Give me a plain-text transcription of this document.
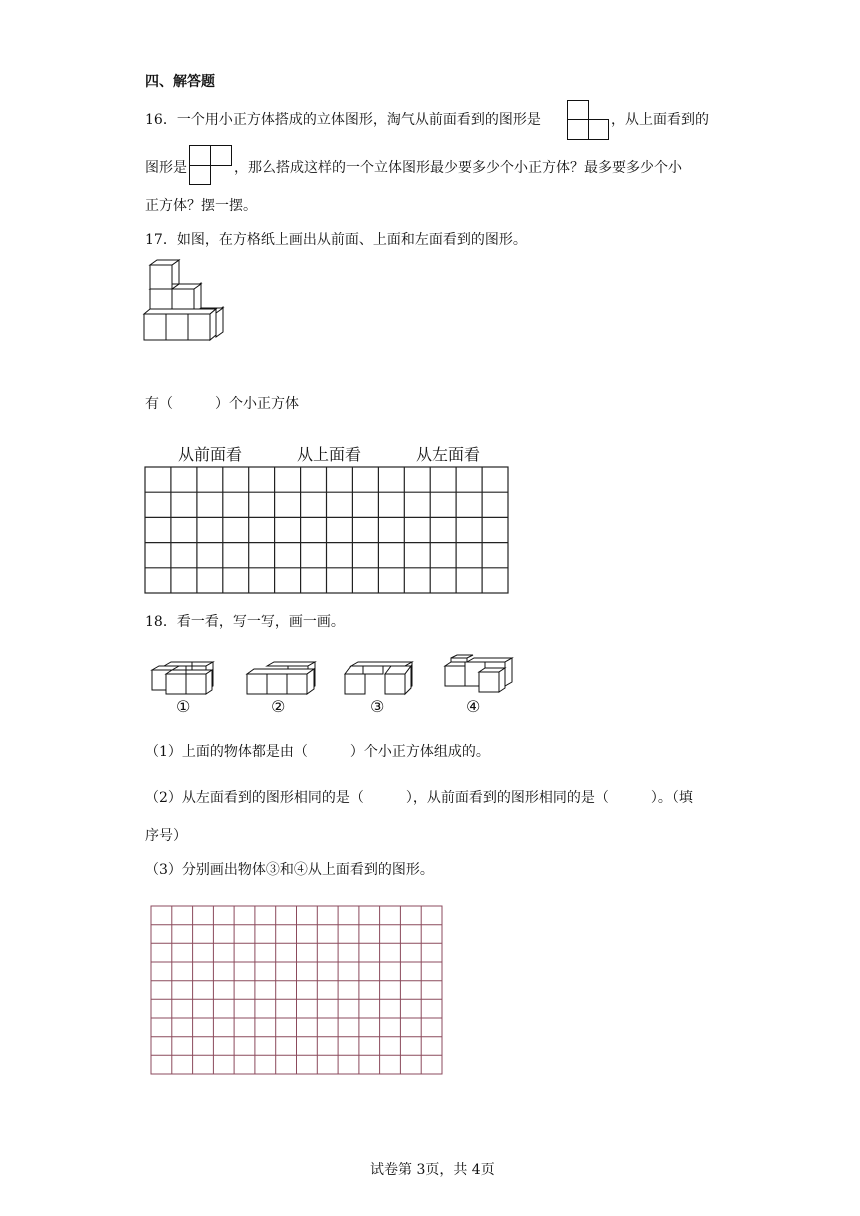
四、解答题
16．一个用小正方体搭成的立体图形，淘气从前面看到的图形是	，从上面看到的
图形是	，那么搭成这样的一个立体图形最少要多少个小正方体？最多要多少个小
正方体？摆一摆。
17．如图，在方格纸上画出从前面、上面和左面看到的图形。
有（　　　）个小正方体
从前面看	从上面看	从左面看
18．看一看，写一写，画一画。
①	②	③	④
（1）上面的物体都是由（　　　）个小正方体组成的。
（2）从左面看到的图形相同的是（　　　），从前面看到的图形相同的是（　　　）。（填
序号）
（3）分别画出物体③和④从上面看到的图形。
试卷第 3页，共 4页
